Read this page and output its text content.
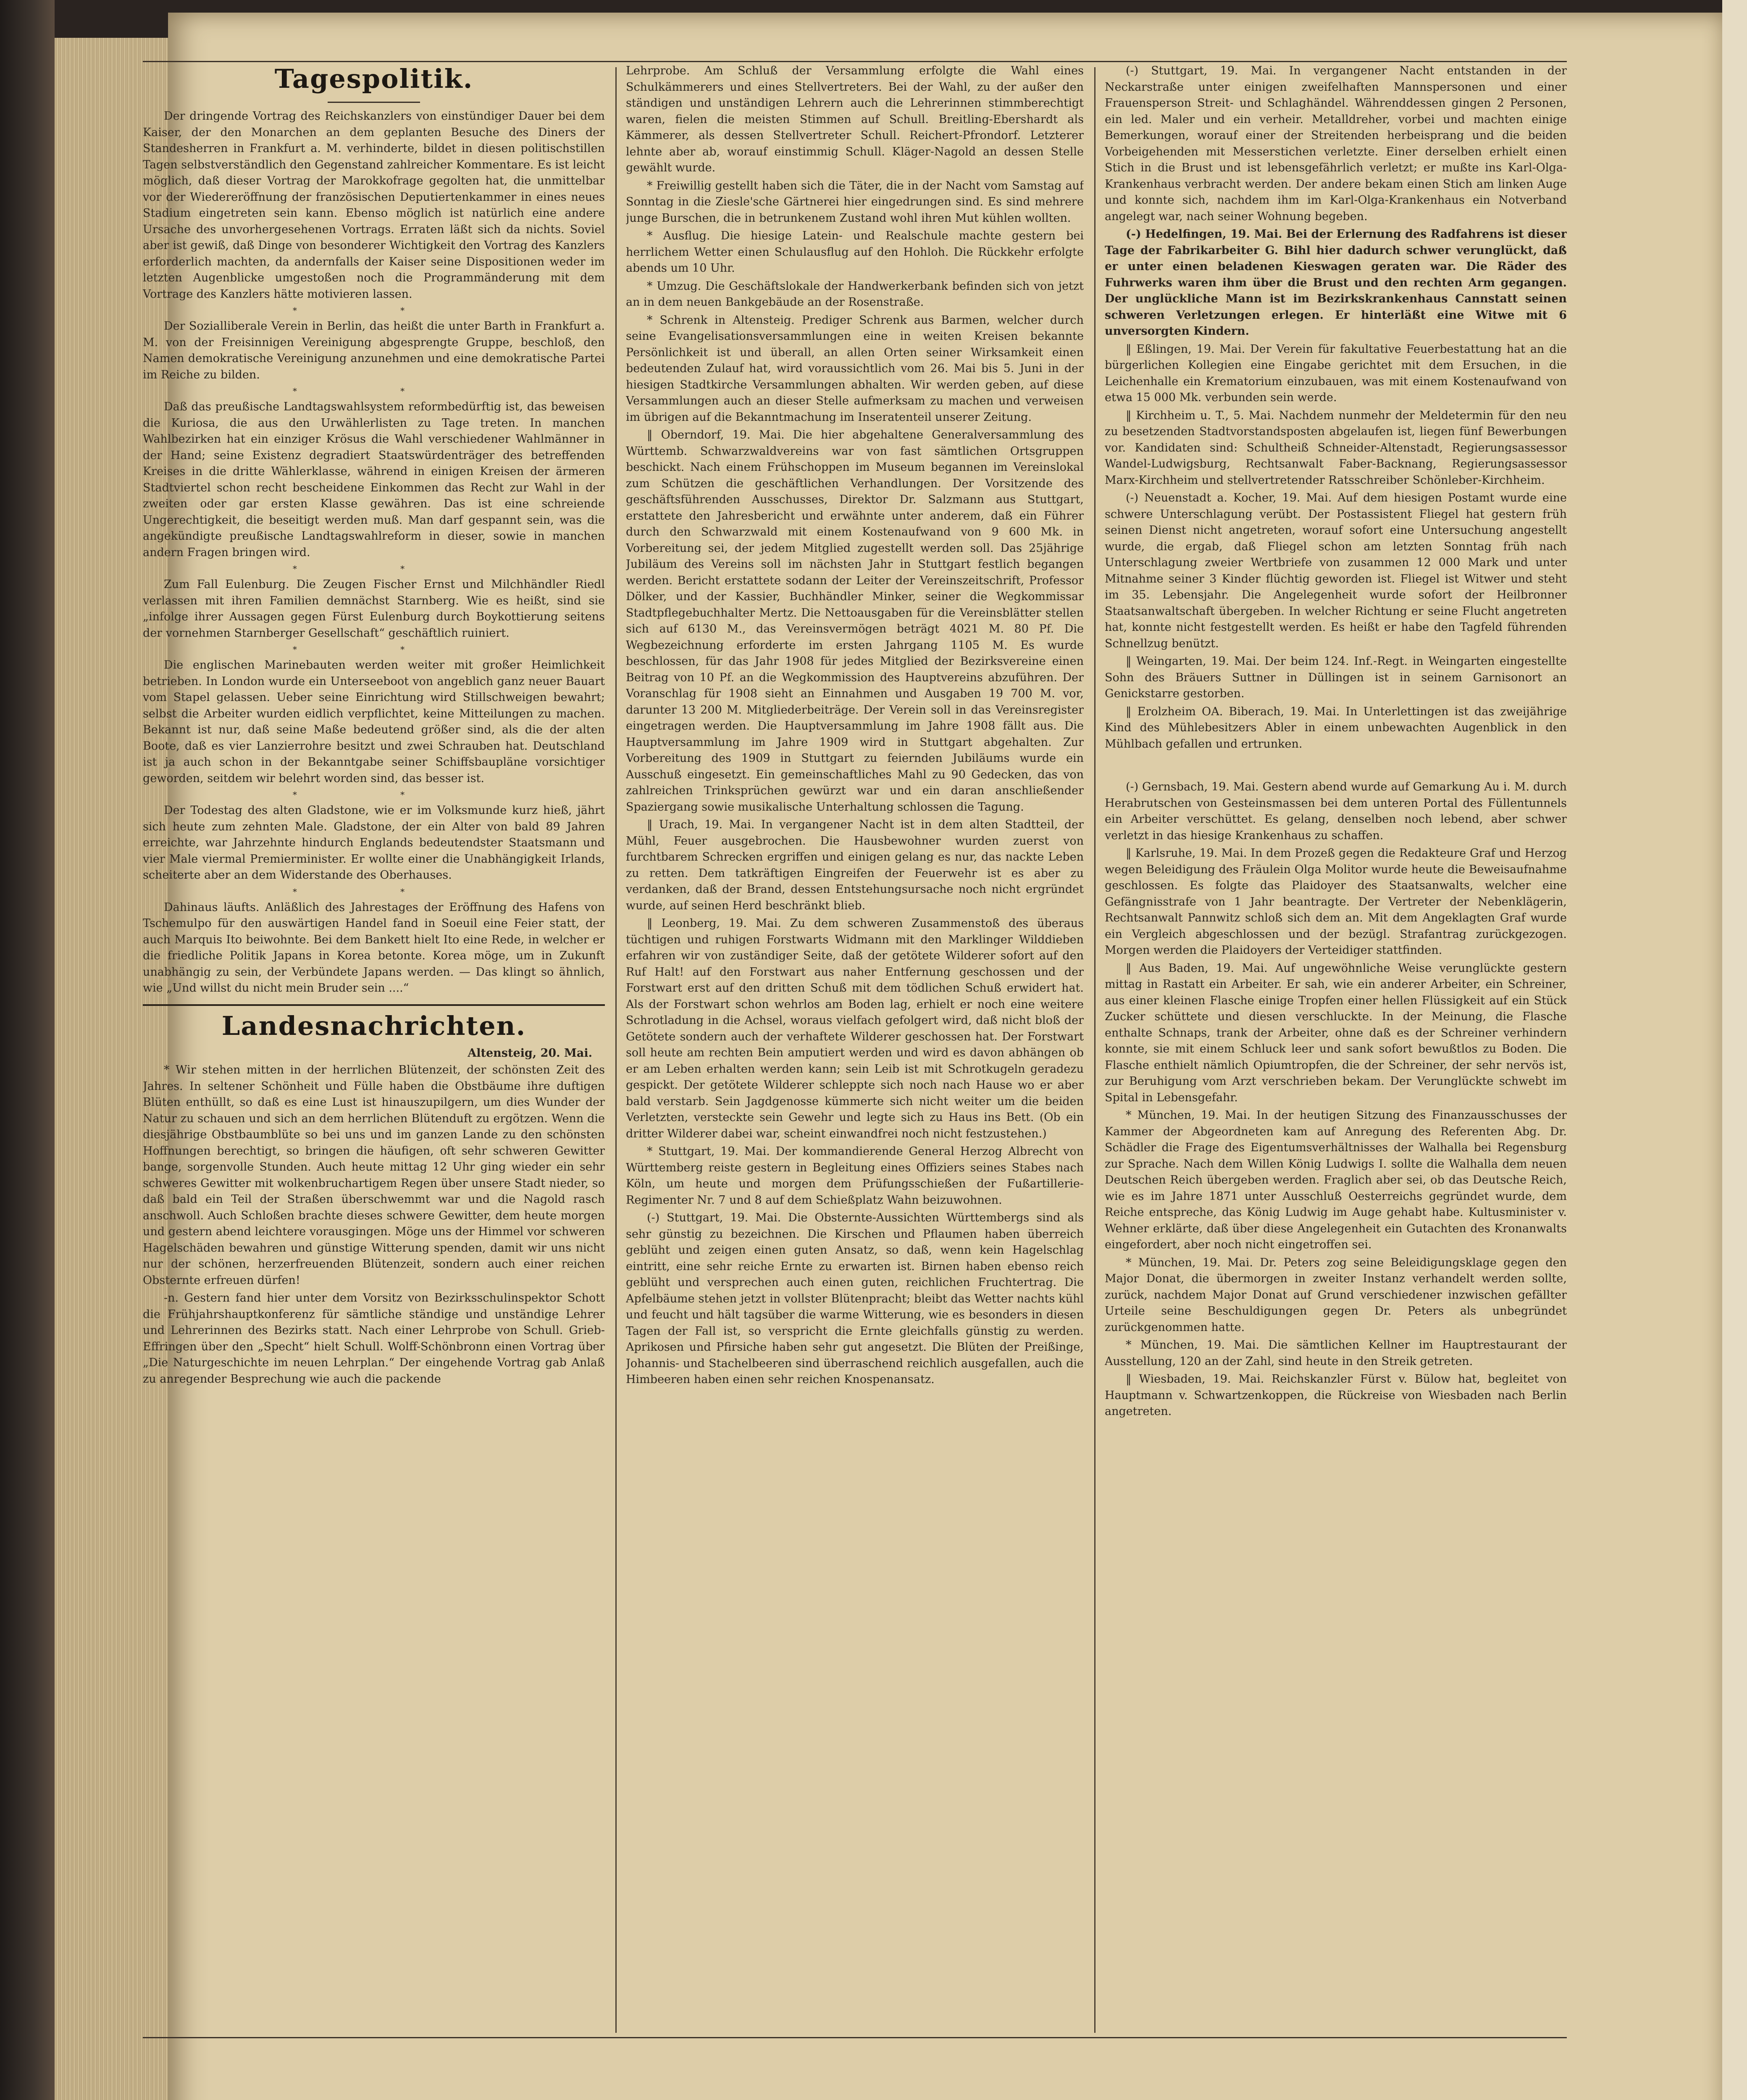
Tagespolitik.

Der dringende Vortrag des Reichskanzlers von einstündiger Dauer bei dem Kaiser, der den Monarchen an dem geplanten Besuche des Diners der Standesherren in Frankfurt a. M. verhinderte, bildet in diesen politischstillen Tagen selbstverständlich den Gegenstand zahlreicher Kommentare. Es ist leicht möglich, daß dieser Vortrag der Marokkofrage gegolten hat, die unmittelbar vor der Wiedereröffnung der französischen Deputiertenkammer in eines neues Stadium eingetreten sein kann. Ebenso möglich ist natürlich eine andere Ursache des unvorhergesehenen Vortrags. Erraten läßt sich da nichts. Soviel aber ist gewiß, daß Dinge von besonderer Wichtigkeit den Vortrag des Kanzlers erforderlich machten, da andernfalls der Kaiser seine Dispositionen weder im letzten Augenblicke umgestoßen noch die Programmänderung mit dem Vortrage des Kanzlers hätte motivieren lassen.

* *

Der Sozialliberale Verein in Berlin, das heißt die unter Barth in Frankfurt a. M. von der Freisinnigen Vereinigung abgesprengte Gruppe, beschloß, den Namen demokratische Vereinigung anzunehmen und eine demokratische Partei im Reiche zu bilden.

* *

Daß das preußische Landtagswahlsystem reformbedürftig ist, das beweisen die Kuriosa, die aus den Urwählerlisten zu Tage treten. In manchen Wahlbezirken hat ein einziger Krösus die Wahl verschiedener Wahlmänner in der Hand; seine Existenz degradiert Staatswürdenträger des betreffenden Kreises in die dritte Wählerklasse, während in einigen Kreisen der ärmeren Stadtviertel schon recht bescheidene Einkommen das Recht zur Wahl in der zweiten oder gar ersten Klasse gewähren. Das ist eine schreiende Ungerechtigkeit, die beseitigt werden muß. Man darf gespannt sein, was die angekündigte preußische Landtagswahlreform in dieser, sowie in manchen andern Fragen bringen wird.

* *

Zum Fall Eulenburg. Die Zeugen Fischer Ernst und Milchhändler Riedl verlassen mit ihren Familien demnächst Starnberg. Wie es heißt, sind sie „infolge ihrer Aussagen gegen Fürst Eulenburg durch Boykottierung seitens der vornehmen Starnberger Gesellschaft“ geschäftlich ruiniert.

* *

Die englischen Marinebauten werden weiter mit großer Heimlichkeit betrieben. In London wurde ein Unterseeboot von angeblich ganz neuer Bauart vom Stapel gelassen. Ueber seine Einrichtung wird Stillschweigen bewahrt; selbst die Arbeiter wurden eidlich verpflichtet, keine Mitteilungen zu machen. Bekannt ist nur, daß seine Maße bedeutend größer sind, als die der alten Boote, daß es vier Lanzierrohre besitzt und zwei Schrauben hat. Deutschland ist ja auch schon in der Bekanntgabe seiner Schiffsbaupläne vorsichtiger geworden, seitdem wir belehrt worden sind, das besser ist.

* *

Der Todestag des alten Gladstone, wie er im Volksmunde kurz hieß, jährt sich heute zum zehnten Male. Gladstone, der ein Alter von bald 89 Jahren erreichte, war Jahrzehnte hindurch Englands bedeutendster Staatsmann und vier Male viermal Premierminister. Er wollte einer die Unabhängigkeit Irlands, scheiterte aber an dem Widerstande des Oberhauses.

* *

Dahinaus läufts. Anläßlich des Jahrestages der Eröffnung des Hafens von Tschemulpo für den auswärtigen Handel fand in Soeuil eine Feier statt, der auch Marquis Ito beiwohnte. Bei dem Bankett hielt Ito eine Rede, in welcher er die friedliche Politik Japans in Korea betonte. Korea möge, um in Zukunft unabhängig zu sein, der Verbündete Japans werden. — Das klingt so ähnlich, wie „Und willst du nicht mein Bruder sein ....“

Landesnachrichten.
Altensteig, 20. Mai.

* Wir stehen mitten in der herrlichen Blütenzeit, der schönsten Zeit des Jahres. In seltener Schönheit und Fülle haben die Obstbäume ihre duftigen Blüten enthüllt, so daß es eine Lust ist hinauszupilgern, um dies Wunder der Natur zu schauen und sich an dem herrlichen Blütenduft zu ergötzen. Wenn die diesjährige Obstbaumblüte so bei uns und im ganzen Lande zu den schönsten Hoffnungen berechtigt, so bringen die häufigen, oft sehr schweren Gewitter bange, sorgenvolle Stunden. Auch heute mittag 12 Uhr ging wieder ein sehr schweres Gewitter mit wolkenbruchartigem Regen über unsere Stadt nieder, so daß bald ein Teil der Straßen überschwemmt war und die Nagold rasch anschwoll. Auch Schloßen brachte dieses schwere Gewitter, dem heute morgen und gestern abend leichtere vorausgingen. Möge uns der Himmel vor schweren Hagelschäden bewahren und günstige Witterung spenden, damit wir uns nicht nur der schönen, herzerfreuenden Blütenzeit, sondern auch einer reichen Obsternte erfreuen dürfen!

-n. Gestern fand hier unter dem Vorsitz von Bezirksschulinspektor Schott die Frühjahrshauptkonferenz für sämtliche ständige und unständige Lehrer und Lehrerinnen des Bezirks statt. Nach einer Lehrprobe von Schull. Grieb-Effringen über den „Specht“ hielt Schull. Wolff-Schönbronn einen Vortrag über „Die Naturgeschichte im neuen Lehrplan.“ Der eingehende Vortrag gab Anlaß zu anregender Besprechung wie auch die packende

Lehrprobe. Am Schluß der Versammlung erfolgte die Wahl eines Schulkämmerers und eines Stellvertreters. Bei der Wahl, zu der außer den ständigen und unständigen Lehrern auch die Lehrerinnen stimmberechtigt waren, fielen die meisten Stimmen auf Schull. Breitling-Ebershardt als Kämmerer, als dessen Stellvertreter Schull. Reichert-Pfrondorf. Letzterer lehnte aber ab, worauf einstimmig Schull. Kläger-Nagold an dessen Stelle gewählt wurde.

* Freiwillig gestellt haben sich die Täter, die in der Nacht vom Samstag auf Sonntag in die Ziesle'sche Gärtnerei hier eingedrungen sind. Es sind mehrere junge Burschen, die in betrunkenem Zustand wohl ihren Mut kühlen wollten.

* Ausflug. Die hiesige Latein- und Realschule machte gestern bei herrlichem Wetter einen Schulausflug auf den Hohloh. Die Rückkehr erfolgte abends um 10 Uhr.

* Umzug. Die Geschäftslokale der Handwerkerbank befinden sich von jetzt an in dem neuen Bankgebäude an der Rosenstraße.

* Schrenk in Altensteig. Prediger Schrenk aus Barmen, welcher durch seine Evangelisationsversammlungen eine in weiten Kreisen bekannte Persönlichkeit ist und überall, an allen Orten seiner Wirksamkeit einen bedeutenden Zulauf hat, wird voraussichtlich vom 26. Mai bis 5. Juni in der hiesigen Stadtkirche Versammlungen abhalten. Wir werden geben, auf diese Versammlungen auch an dieser Stelle aufmerksam zu machen und verweisen im übrigen auf die Bekanntmachung im Inseratenteil unserer Zeitung.

‖ Oberndorf, 19. Mai. Die hier abgehaltene Generalversammlung des Württemb. Schwarzwaldvereins war von fast sämtlichen Ortsgruppen beschickt. Nach einem Frühschoppen im Museum begannen im Vereinslokal zum Schützen die geschäftlichen Verhandlungen. Der Vorsitzende des geschäftsführenden Ausschusses, Direktor Dr. Salzmann aus Stuttgart, erstattete den Jahresbericht und erwähnte unter anderem, daß ein Führer durch den Schwarzwald mit einem Kostenaufwand von 9 600 Mk. in Vorbereitung sei, der jedem Mitglied zugestellt werden soll. Das 25jährige Jubiläum des Vereins soll im nächsten Jahr in Stuttgart festlich begangen werden. Bericht erstattete sodann der Leiter der Vereinszeitschrift, Professor Dölker, und der Kassier, Buchhändler Minker, seiner die Wegkommissar Stadtpflegebuchhalter Mertz. Die Nettoausgaben für die Vereinsblätter stellen sich auf 6130 M., das Vereinsvermögen beträgt 4021 M. 80 Pf. Die Wegbezeichnung erforderte im ersten Jahrgang 1105 M. Es wurde beschlossen, für das Jahr 1908 für jedes Mitglied der Bezirksvereine einen Beitrag von 10 Pf. an die Wegkommission des Hauptvereins abzuführen. Der Voranschlag für 1908 sieht an Einnahmen und Ausgaben 19 700 M. vor, darunter 13 200 M. Mitgliederbeiträge. Der Verein soll in das Vereinsregister eingetragen werden. Die Hauptversammlung im Jahre 1908 fällt aus. Die Hauptversammlung im Jahre 1909 wird in Stuttgart abgehalten. Zur Vorbereitung des 1909 in Stuttgart zu feiernden Jubiläums wurde ein Ausschuß eingesetzt. Ein gemeinschaftliches Mahl zu 90 Gedecken, das von zahlreichen Trinksprüchen gewürzt war und ein daran anschließender Spaziergang sowie musikalische Unterhaltung schlossen die Tagung.

‖ Urach, 19. Mai. In vergangener Nacht ist in dem alten Stadtteil, der Mühl, Feuer ausgebrochen. Die Hausbewohner wurden zuerst von furchtbarem Schrecken ergriffen und einigen gelang es nur, das nackte Leben zu retten. Dem tatkräftigen Eingreifen der Feuerwehr ist es aber zu verdanken, daß der Brand, dessen Entstehungsursache noch nicht ergründet wurde, auf seinen Herd beschränkt blieb.

‖ Leonberg, 19. Mai. Zu dem schweren Zusammenstoß des überaus tüchtigen und ruhigen Forstwarts Widmann mit den Marklinger Wilddieben erfahren wir von zuständiger Seite, daß der getötete Wilderer sofort auf den Ruf Halt! auf den Forstwart aus naher Entfernung geschossen und der Forstwart erst auf den dritten Schuß mit dem tödlichen Schuß erwidert hat. Als der Forstwart schon wehrlos am Boden lag, erhielt er noch eine weitere Schrotladung in die Achsel, woraus vielfach gefolgert wird, daß nicht bloß der Getötete sondern auch der verhaftete Wilderer geschossen hat. Der Forstwart soll heute am rechten Bein amputiert werden und wird es davon abhängen ob er am Leben erhalten werden kann; sein Leib ist mit Schrotkugeln geradezu gespickt. Der getötete Wilderer schleppte sich noch nach Hause wo er aber bald verstarb. Sein Jagdgenosse kümmerte sich nicht weiter um die beiden Verletzten, versteckte sein Gewehr und legte sich zu Haus ins Bett. (Ob ein dritter Wilderer dabei war, scheint einwandfrei noch nicht festzustehen.)

* Stuttgart, 19. Mai. Der kommandierende General Herzog Albrecht von Württemberg reiste gestern in Begleitung eines Offiziers seines Stabes nach Köln, um heute und morgen dem Prüfungsschießen der Fußartillerie-Regimenter Nr. 7 und 8 auf dem Schießplatz Wahn beizuwohnen.

(-) Stuttgart, 19. Mai. Die Obsternte-Aussichten Württembergs sind als sehr günstig zu bezeichnen. Die Kirschen und Pflaumen haben überreich geblüht und zeigen einen guten Ansatz, so daß, wenn kein Hagelschlag eintritt, eine sehr reiche Ernte zu erwarten ist. Birnen haben ebenso reich geblüht und versprechen auch einen guten, reichlichen Fruchtertrag. Die Apfelbäume stehen jetzt in vollster Blütenpracht; bleibt das Wetter nachts kühl und feucht und hält tagsüber die warme Witterung, wie es besonders in diesen Tagen der Fall ist, so verspricht die Ernte gleichfalls günstig zu werden. Aprikosen und Pfirsiche haben sehr gut angesetzt. Die Blüten der Preißinge, Johannis- und Stachelbeeren sind überraschend reichlich ausgefallen, auch die Himbeeren haben einen sehr reichen Knospenansatz.

(-) Stuttgart, 19. Mai. In vergangener Nacht entstanden in der Neckarstraße unter einigen zweifelhaften Mannspersonen und einer Frauensperson Streit- und Schlaghändel. Währenddessen gingen 2 Personen, ein led. Maler und ein verheir. Metalldreher, vorbei und machten einige Bemerkungen, worauf einer der Streitenden herbeisprang und die beiden Vorbeigehenden mit Messerstichen verletzte. Einer derselben erhielt einen Stich in die Brust und ist lebensgefährlich verletzt; er mußte ins Karl-Olga-Krankenhaus verbracht werden. Der andere bekam einen Stich am linken Auge und konnte sich, nachdem ihm im Karl-Olga-Krankenhaus ein Notverband angelegt war, nach seiner Wohnung begeben.

(-) Hedelfingen, 19. Mai. Bei der Erlernung des Radfahrens ist dieser Tage der Fabrikarbeiter G. Bihl hier dadurch schwer verunglückt, daß er unter einen beladenen Kieswagen geraten war. Die Räder des Fuhrwerks waren ihm über die Brust und den rechten Arm gegangen. Der unglückliche Mann ist im Bezirkskrankenhaus Cannstatt seinen schweren Verletzungen erlegen. Er hinterläßt eine Witwe mit 6 unversorgten Kindern.

‖ Eßlingen, 19. Mai. Der Verein für fakultative Feuerbestattung hat an die bürgerlichen Kollegien eine Eingabe gerichtet mit dem Ersuchen, in die Leichenhalle ein Krematorium einzubauen, was mit einem Kostenaufwand von etwa 15 000 Mk. verbunden sein werde.

‖ Kirchheim u. T., 5. Mai. Nachdem nunmehr der Meldetermin für den neu zu besetzenden Stadtvorstandsposten abgelaufen ist, liegen fünf Bewerbungen vor. Kandidaten sind: Schultheiß Schneider-Altenstadt, Regierungsassessor Wandel-Ludwigsburg, Rechtsanwalt Faber-Backnang, Regierungsassessor Marx-Kirchheim und stellvertretender Ratsschreiber Schönleber-Kirchheim.

(-) Neuenstadt a. Kocher, 19. Mai. Auf dem hiesigen Postamt wurde eine schwere Unterschlagung verübt. Der Postassistent Fliegel hat gestern früh seinen Dienst nicht angetreten, worauf sofort eine Untersuchung angestellt wurde, die ergab, daß Fliegel schon am letzten Sonntag früh nach Unterschlagung zweier Wertbriefe von zusammen 12 000 Mark und unter Mitnahme seiner 3 Kinder flüchtig geworden ist. Fliegel ist Witwer und steht im 35. Lebensjahr. Die Angelegenheit wurde sofort der Heilbronner Staatsanwaltschaft übergeben. In welcher Richtung er seine Flucht angetreten hat, konnte nicht festgestellt werden. Es heißt er habe den Tagfeld führenden Schnellzug benützt.

‖ Weingarten, 19. Mai. Der beim 124. Inf.-Regt. in Weingarten eingestellte Sohn des Bräuers Suttner in Düllingen ist in seinem Garnisonort an Genickstarre gestorben.

‖ Erolzheim OA. Biberach, 19. Mai. In Unterlettingen ist das zweijährige Kind des Mühlebesitzers Abler in einem unbewachten Augenblick in den Mühlbach gefallen und ertrunken.

(-) Gernsbach, 19. Mai. Gestern abend wurde auf Gemarkung Au i. M. durch Herabrutschen von Gesteinsmassen bei dem unteren Portal des Füllentunnels ein Arbeiter verschüttet. Es gelang, denselben noch lebend, aber schwer verletzt in das hiesige Krankenhaus zu schaffen.

‖ Karlsruhe, 19. Mai. In dem Prozeß gegen die Redakteure Graf und Herzog wegen Beleidigung des Fräulein Olga Molitor wurde heute die Beweisaufnahme geschlossen. Es folgte das Plaidoyer des Staatsanwalts, welcher eine Gefängnisstrafe von 1 Jahr beantragte. Der Vertreter der Nebenklägerin, Rechtsanwalt Pannwitz schloß sich dem an. Mit dem Angeklagten Graf wurde ein Vergleich abgeschlossen und der bezügl. Strafantrag zurückgezogen. Morgen werden die Plaidoyers der Verteidiger stattfinden.

‖ Aus Baden, 19. Mai. Auf ungewöhnliche Weise verunglückte gestern mittag in Rastatt ein Arbeiter. Er sah, wie ein anderer Arbeiter, ein Schreiner, aus einer kleinen Flasche einige Tropfen einer hellen Flüssigkeit auf ein Stück Zucker schüttete und diesen verschluckte. In der Meinung, die Flasche enthalte Schnaps, trank der Arbeiter, ohne daß es der Schreiner verhindern konnte, sie mit einem Schluck leer und sank sofort bewußtlos zu Boden. Die Flasche enthielt nämlich Opiumtropfen, die der Schreiner, der sehr nervös ist, zur Beruhigung vom Arzt verschrieben bekam. Der Verunglückte schwebt im Spital in Lebensgefahr.

* München, 19. Mai. In der heutigen Sitzung des Finanzausschusses der Kammer der Abgeordneten kam auf Anregung des Referenten Abg. Dr. Schädler die Frage des Eigentumsverhältnisses der Walhalla bei Regensburg zur Sprache. Nach dem Willen König Ludwigs I. sollte die Walhalla dem neuen Deutschen Reich übergeben werden. Fraglich aber sei, ob das Deutsche Reich, wie es im Jahre 1871 unter Ausschluß Oesterreichs gegründet wurde, dem Reiche entspreche, das König Ludwig im Auge gehabt habe. Kultusminister v. Wehner erklärte, daß über diese Angelegenheit ein Gutachten des Kronanwalts eingefordert, aber noch nicht eingetroffen sei.

* München, 19. Mai. Dr. Peters zog seine Beleidigungsklage gegen den Major Donat, die übermorgen in zweiter Instanz verhandelt werden sollte, zurück, nachdem Major Donat auf Grund verschiedener inzwischen gefällter Urteile seine Beschuldigungen gegen Dr. Peters als unbegründet zurückgenommen hatte.

* München, 19. Mai. Die sämtlichen Kellner im Hauptrestaurant der Ausstellung, 120 an der Zahl, sind heute in den Streik getreten.

‖ Wiesbaden, 19. Mai. Reichskanzler Fürst v. Bülow hat, begleitet von Hauptmann v. Schwartzenkoppen, die Rückreise von Wiesbaden nach Berlin angetreten.
